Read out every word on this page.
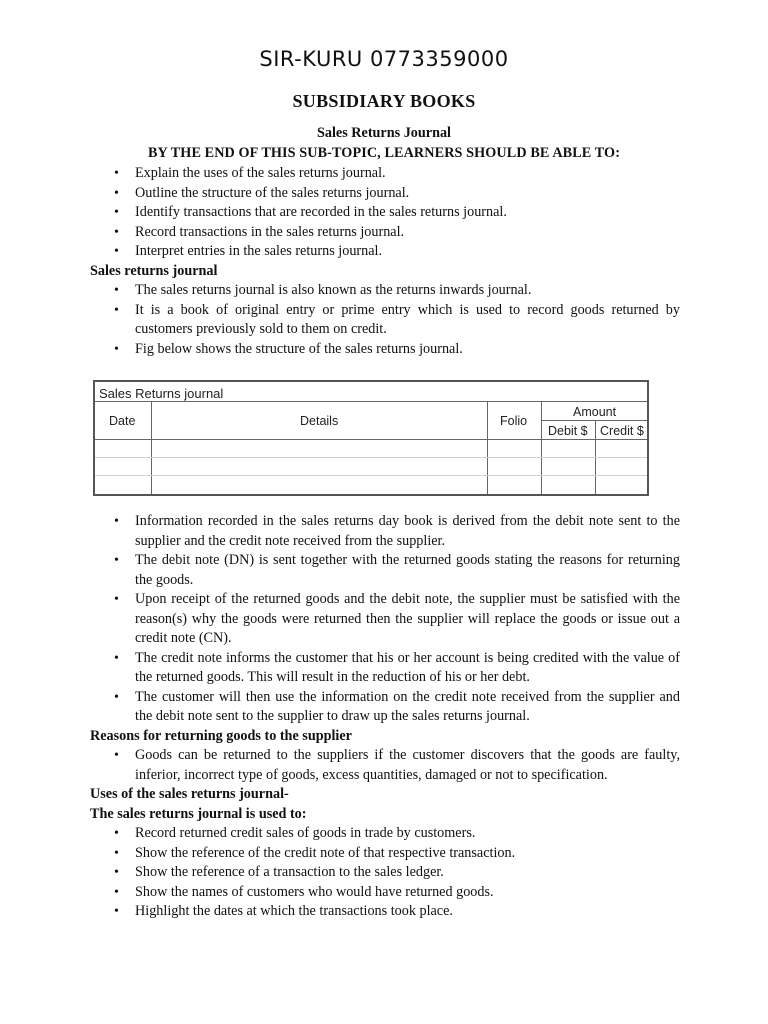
SIR-KURU 0773359000
SUBSIDIARY BOOKS
Sales Returns Journal
BY THE END OF THIS SUB-TOPIC, LEARNERS SHOULD BE ABLE TO:
• Explain the uses of the sales returns journal.
• Outline the structure of the sales returns journal.
• Identify transactions that are recorded in the sales returns journal.
• Record transactions in the sales returns journal.
• Interpret entries in the sales returns journal.
Sales returns journal
• The sales returns journal is also known as the returns inwards journal.
• It is a book of original entry or prime entry which is used to record goods returned by customers previously sold to them on credit.
• Fig below shows the structure of the sales returns journal.
Sales Returns journal
Date	Details	Folio
Amount
Debit $ Credit $
• Information recorded in the sales returns day book is derived from the debit note sent to the supplier and the credit note received from the supplier.
• The debit note (DN) is sent together with the returned goods stating the reasons for returning the goods.
• Upon receipt of the returned goods and the debit note, the supplier must be satisfied with the reason(s) why the goods were returned then the supplier will replace the goods or issue out a credit note (CN).
• The credit note informs the customer that his or her account is being credited with the value of the returned goods. This will result in the reduction of his or her debt.
• The customer will then use the information on the credit note received from the supplier and the debit note sent to the supplier to draw up the sales returns journal.
Reasons for returning goods to the supplier
• Goods can be returned to the suppliers if the customer discovers that the goods are faulty, inferior, incorrect type of goods, excess quantities, damaged or not to specification.
Uses of the sales returns journal-
The sales returns journal is used to:
• Record returned credit sales of goods in trade by customers.
• Show the reference of the credit note of that respective transaction.
• Show the reference of a transaction to the sales ledger.
• Show the names of customers who would have returned goods.
• Highlight the dates at which the transactions took place.
